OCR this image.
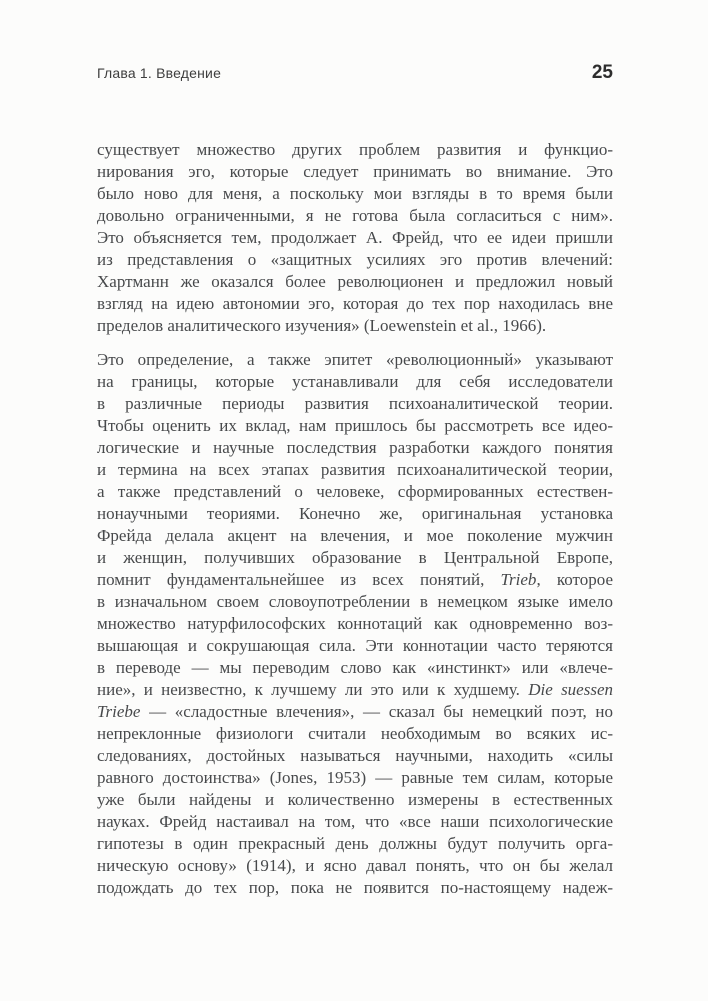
Глава 1. Введение	25
существует множество других проблем развития и функцио-
нирования эго, которые следует принимать во внимание. Это
было ново для меня, а поскольку мои взгляды в то время были
довольно ограниченными, я не готова была согласиться с ним».
Это объясняется тем, продолжает А. Фрейд, что ее идеи пришли
из представления о «защитных усилиях эго против влечений:
Хартманн же оказался более революционен и предложил новый
взгляд на идею автономии эго, которая до тех пор находилась вне
пределов аналитического изучения» (Loewenstein et al., 1966).
Это определение, а также эпитет «революционный» указывают
на границы, которые устанавливали для себя исследователи
в различные периоды развития психоаналитической теории.
Чтобы оценить их вклад, нам пришлось бы рассмотреть все идео-
логические и научные последствия разработки каждого понятия
и термина на всех этапах развития психоаналитической теории,
а также представлений о человеке, сформированных естествен-
нонаучными теориями. Конечно же, оригинальная установка
Фрейда делала акцент на влечения, и мое поколение мужчин
и женщин, получивших образование в Центральной Европе,
помнит фундаментальнейшее из всех понятий, Trieb, которое
в изначальном своем словоупотреблении в немецком языке имело
множество натурфилософских коннотаций как одновременно воз-
вышающая и сокрушающая сила. Эти коннотации часто теряются
в переводе — мы переводим слово как «инстинкт» или «влече-
ние», и неизвестно, к лучшему ли это или к худшему. Die suessen
Triebe — «сладостные влечения», — сказал бы немецкий поэт, но
непреклонные физиологи считали необходимым во всяких ис-
следованиях, достойных называться научными, находить «силы
равного достоинства» (Jones, 1953) — равные тем силам, которые
уже были найдены и количественно измерены в естественных
науках. Фрейд настаивал на том, что «все наши психологические
гипотезы в один прекрасный день должны будут получить орга-
ническую основу» (1914), и ясно давал понять, что он бы желал
подождать до тех пор, пока не появится по-настоящему надеж-
